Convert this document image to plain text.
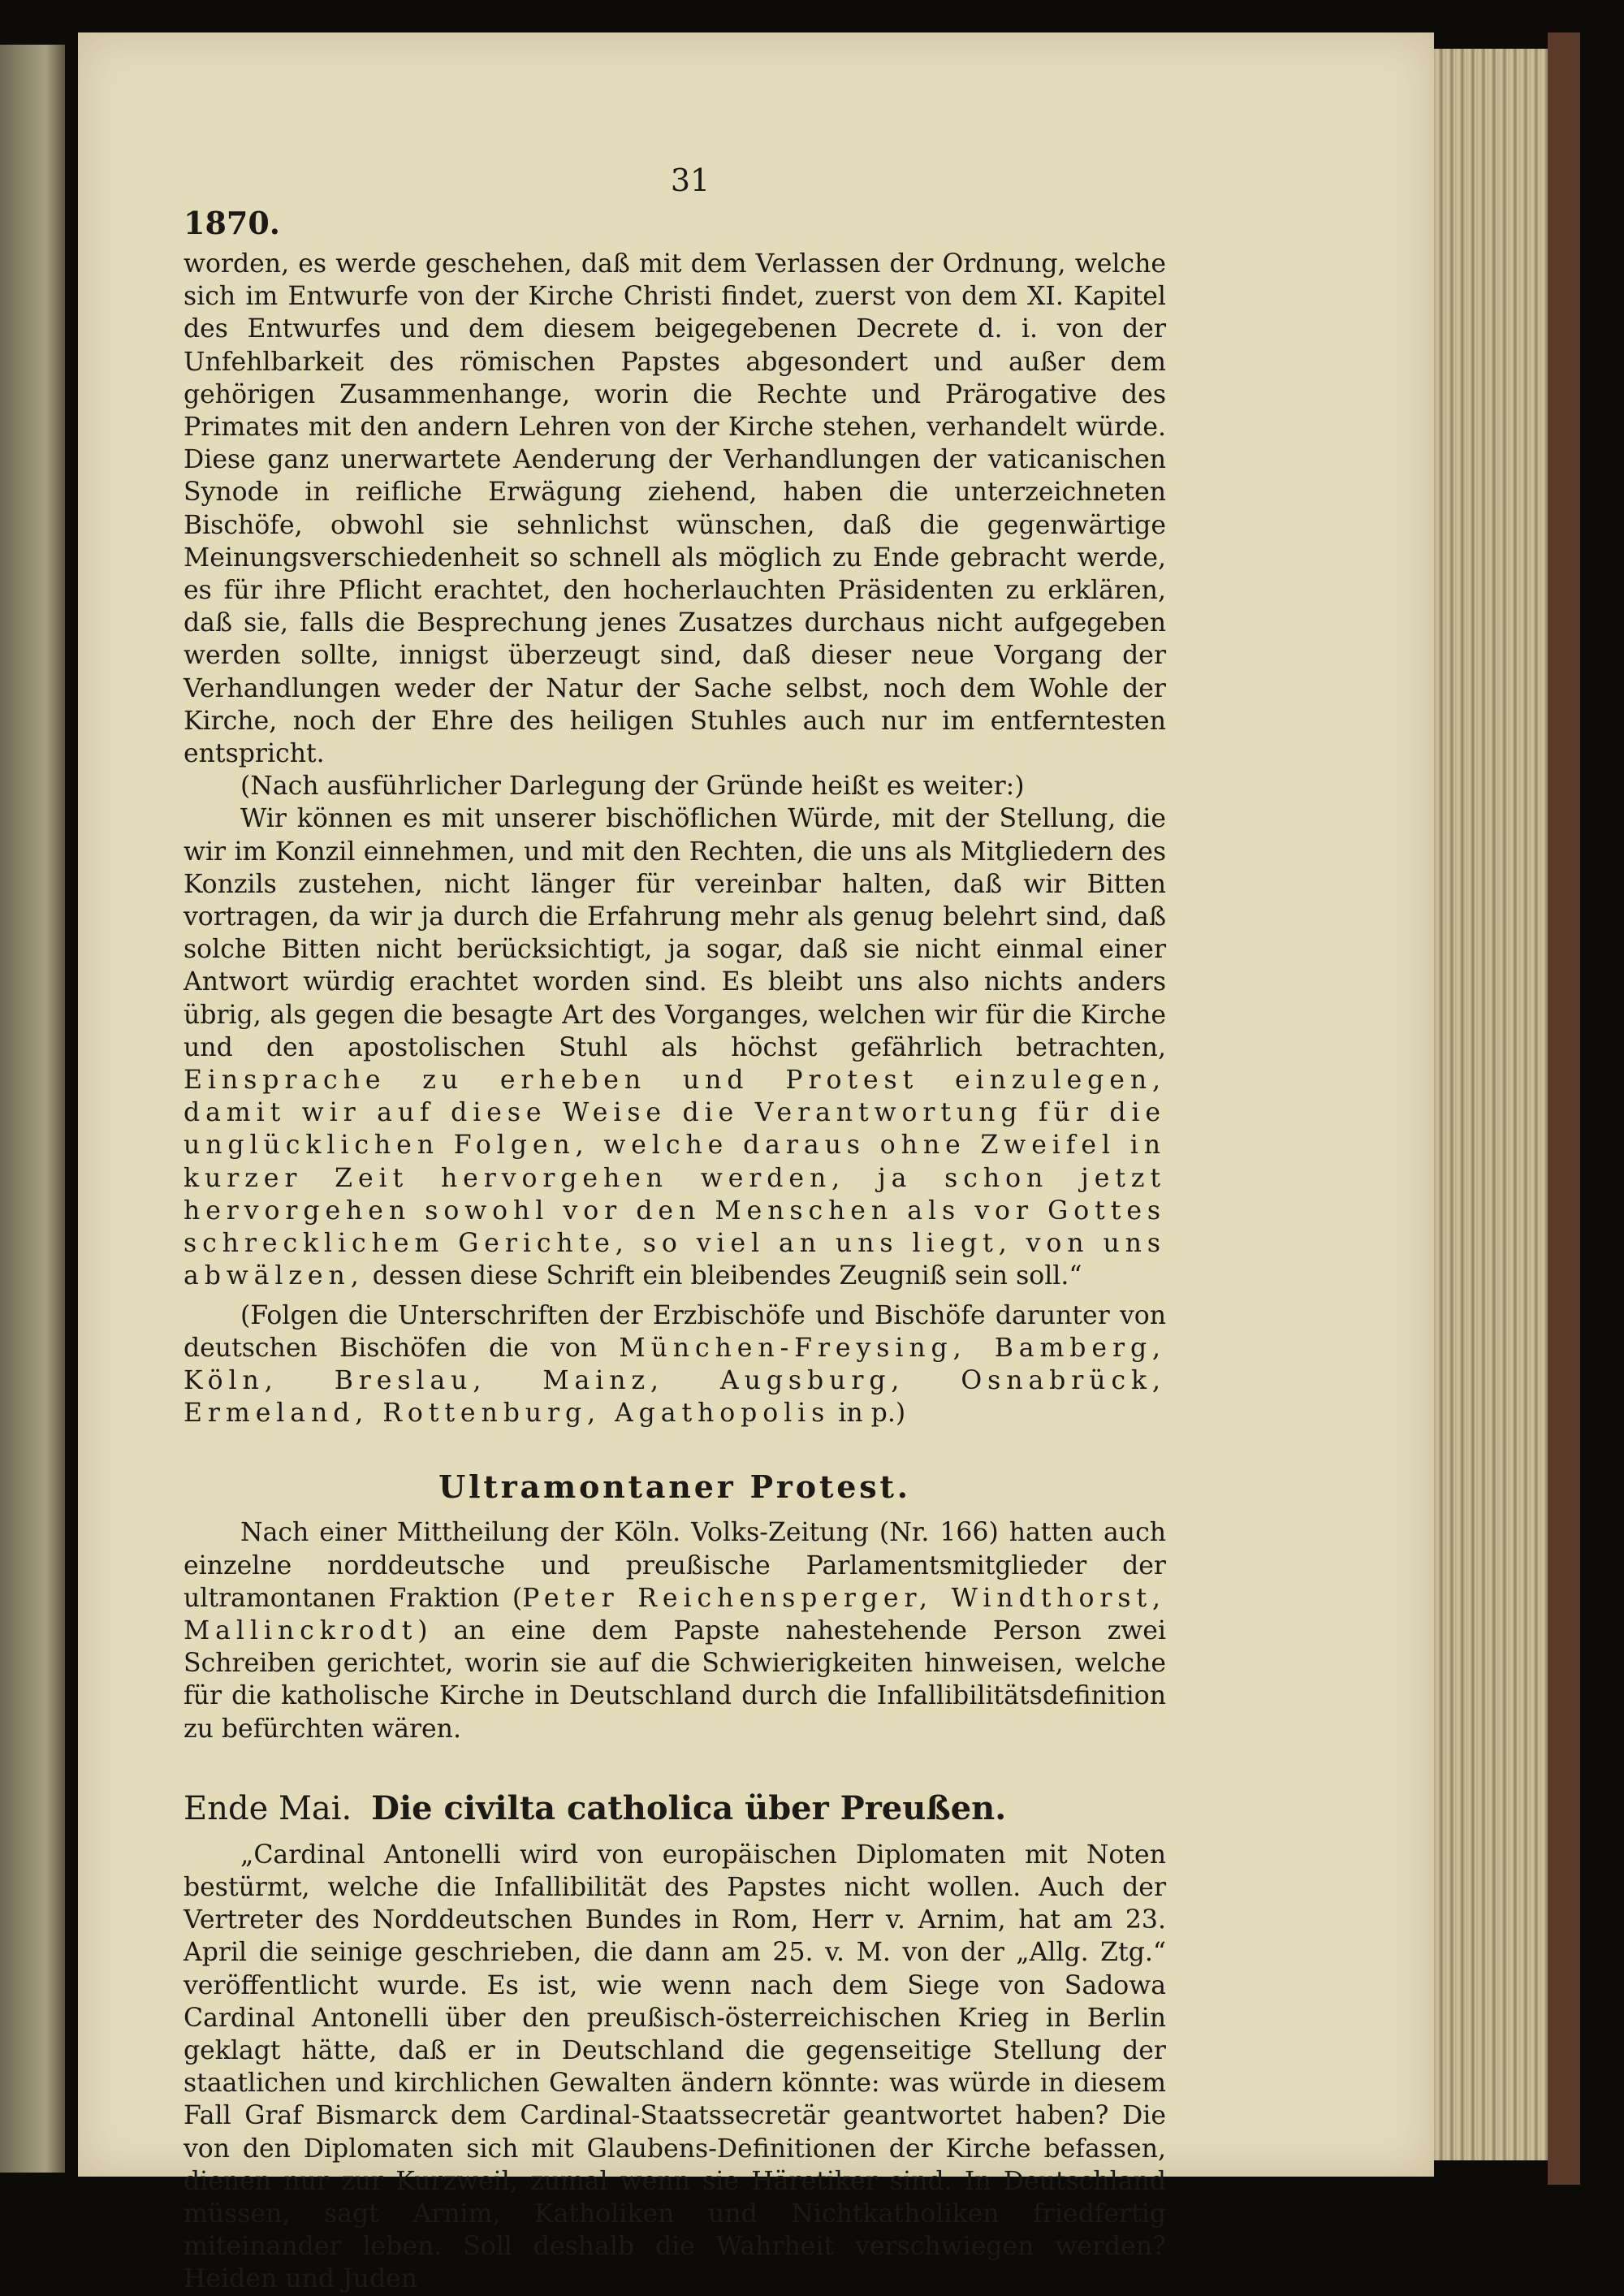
31
1870.

worden, es werde geschehen, daß mit dem Verlassen der Ordnung, welche sich im Entwurfe von der Kirche Christi findet, zuerst von dem XI. Kapitel des Entwurfes und dem diesem beigegebenen Decrete d. i. von der Unfehlbarkeit des römischen Papstes abgesondert und außer dem gehörigen Zusammenhange, worin die Rechte und Prärogative des Primates mit den andern Lehren von der Kirche stehen, verhandelt würde. Diese ganz unerwartete Aenderung der Verhandlungen der vaticanischen Synode in reifliche Erwägung ziehend, haben die unterzeichneten Bischöfe, obwohl sie sehnlichst wünschen, daß die gegenwärtige Meinungsverschiedenheit so schnell als möglich zu Ende gebracht werde, es für ihre Pflicht erachtet, den hocherlauchten Präsidenten zu erklären, daß sie, falls die Besprechung jenes Zusatzes durchaus nicht aufgegeben werden sollte, innigst überzeugt sind, daß dieser neue Vorgang der Verhandlungen weder der Natur der Sache selbst, noch dem Wohle der Kirche, noch der Ehre des heiligen Stuhles auch nur im entferntesten entspricht.

(Nach ausführlicher Darlegung der Gründe heißt es weiter:)

Wir können es mit unserer bischöflichen Würde, mit der Stellung, die wir im Konzil einnehmen, und mit den Rechten, die uns als Mitgliedern des Konzils zustehen, nicht länger für vereinbar halten, daß wir Bitten vortragen, da wir ja durch die Erfahrung mehr als genug belehrt sind, daß solche Bitten nicht berücksichtigt, ja sogar, daß sie nicht einmal einer Antwort würdig erachtet worden sind. Es bleibt uns also nichts anders übrig, als gegen die besagte Art des Vorganges, welchen wir für die Kirche und den apostolischen Stuhl als höchst gefährlich betrachten, Einsprache zu erheben und Protest einzulegen, damit wir auf diese Weise die Verantwortung für die unglücklichen Folgen, welche daraus ohne Zweifel in kurzer Zeit hervorgehen werden, ja schon jetzt hervorgehen sowohl vor den Menschen als vor Gottes schrecklichem Gerichte, so viel an uns liegt, von uns abwälzen, dessen diese Schrift ein bleibendes Zeugniß sein soll.“

(Folgen die Unterschriften der Erzbischöfe und Bischöfe darunter von deutschen Bischöfen die von München-Freysing, Bamberg, Köln, Breslau, Mainz, Augsburg, Osnabrück, Ermeland, Rottenburg, Agathopolis in p.)

Ultramontaner Protest.

Nach einer Mittheilung der Köln. Volks-Zeitung (Nr. 166) hatten auch einzelne norddeutsche und preußische Parlamentsmitglieder der ultramontanen Fraktion (Peter Reichensperger, Windthorst, Mallinckrodt) an eine dem Papste nahestehende Person zwei Schreiben gerichtet, worin sie auf die Schwierigkeiten hinweisen, welche für die katholische Kirche in Deutschland durch die Infallibilitätsdefinition zu befürchten wären.

Ende Mai. Die civilta catholica über Preußen.

„Cardinal Antonelli wird von europäischen Diplomaten mit Noten bestürmt, welche die Infallibilität des Papstes nicht wollen. Auch der Vertreter des Norddeutschen Bundes in Rom, Herr v. Arnim, hat am 23. April die seinige geschrieben, die dann am 25. v. M. von der „Allg. Ztg.“ veröffentlicht wurde. Es ist, wie wenn nach dem Siege von Sadowa Cardinal Antonelli über den preußisch-österreichischen Krieg in Berlin geklagt hätte, daß er in Deutschland die gegenseitige Stellung der staatlichen und kirchlichen Gewalten ändern könnte: was würde in diesem Fall Graf Bismarck dem Cardinal-Staatssecretär geantwortet haben? Die von den Diplomaten sich mit Glaubens-Definitionen der Kirche befassen, dienen nur zur Kurzweil, zumal wenn sie Häretiker sind. In Deutschland müssen, sagt Arnim, Katholiken und Nichtkatholiken friedfertig miteinander leben. Soll deshalb die Wahrheit verschwiegen werden? Heiden und Juden
